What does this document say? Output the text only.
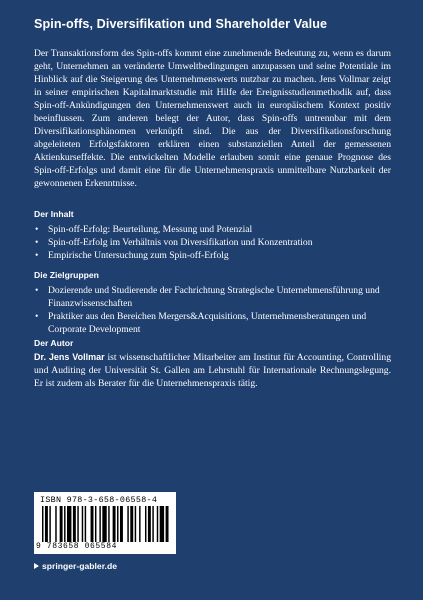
Spin-offs, Diversifikation und Shareholder Value

Der Transaktionsform des Spin-offs kommt eine zunehmende Bedeutung zu, wenn es darum geht, Unternehmen an veränderte Umweltbedingungen anzupassen und seine Potentiale im Hinblick auf die Steigerung des Unternehmenswerts nutzbar zu machen. Jens Vollmar zeigt in seiner empirischen Kapitalmarktstudie mit Hilfe der Ereignisstudienmethodik auf, dass Spin-off-Ankündigungen den Unternehmenswert auch in europäischem Kontext positiv beeinflussen. Zum anderen belegt der Autor, dass Spin-offs untrennbar mit dem Diversifikationsphänomen verknüpft sind. Die aus der Diversifikationsforschung abgeleiteten Erfolgsfaktoren erklären einen substanziellen Anteil der gemessenen Aktienkurseffekte. Die entwickelten Modelle erlauben somit eine genaue Prognose des Spin-off-Erfolgs und damit eine für die Unternehmenspraxis unmittelbare Nutzbarkeit der gewonnenen Erkenntnisse.

Der Inhalt
• Spin-off-Erfolg: Beurteilung, Messung und Potenzial
• Spin-off-Erfolg im Verhältnis von Diversifikation und Konzentration
• Empirische Untersuchung zum Spin-off-Erfolg
Die Zielgruppen
• Dozierende und Studierende der Fachrichtung Strategische Unternehmensführung und Finanzwissenschaften
• Praktiker aus den Bereichen Mergers&Acquisitions, Unternehmensberatungen und Corporate Development
Der Autor

Dr. Jens Vollmar ist wissenschaftlicher Mitarbeiter am Institut für Accounting, Controlling und Auditing der Universität St. Gallen am Lehrstuhl für Internationale Rechnungslegung. Er ist zudem als Berater für die Unternehmenspraxis tätig.

ISBN 978-3-658-06558-4
9 783658 065584
springer-gabler.de
